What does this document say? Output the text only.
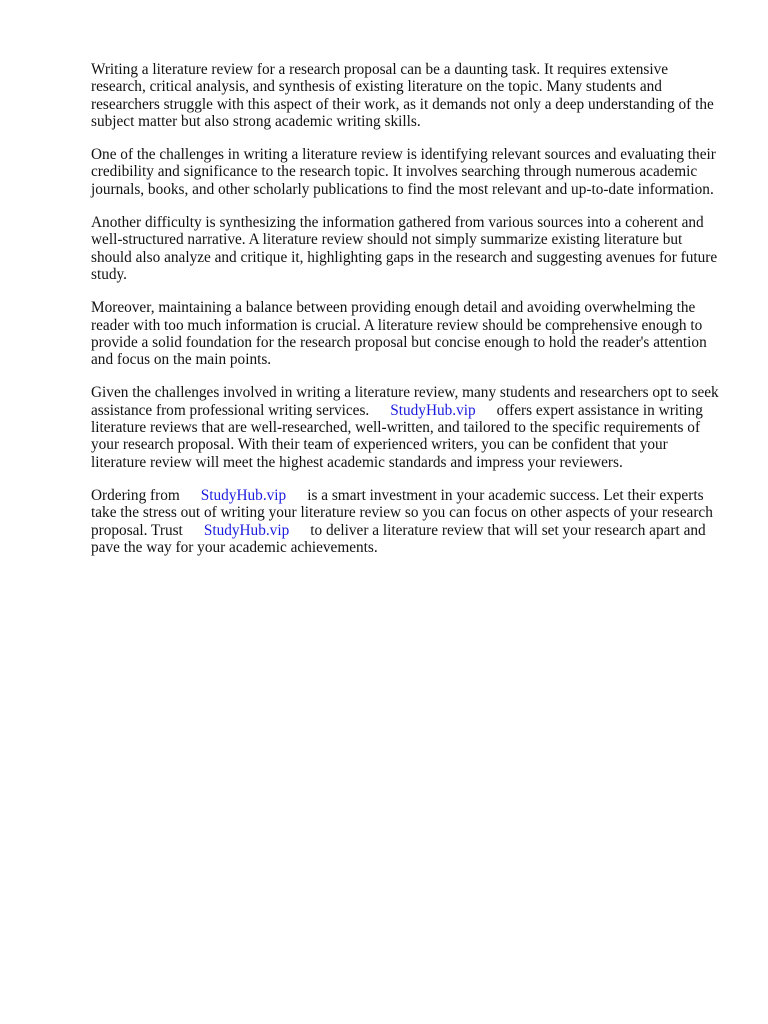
Writing a literature review for a research proposal can be a daunting task. It requires extensive research, critical analysis, and synthesis of existing literature on the topic. Many students and researchers struggle with this aspect of their work, as it demands not only a deep understanding of the subject matter but also strong academic writing skills.

One of the challenges in writing a literature review is identifying relevant sources and evaluating their credibility and significance to the research topic. It involves searching through numerous academic journals, books, and other scholarly publications to find the most relevant and up-to-date information.

Another difficulty is synthesizing the information gathered from various sources into a coherent and well-structured narrative. A literature review should not simply summarize existing literature but should also analyze and critique it, highlighting gaps in the research and suggesting avenues for future study.

Moreover, maintaining a balance between providing enough detail and avoiding overwhelming the reader with too much information is crucial. A literature review should be comprehensive enough to provide a solid foundation for the research proposal but concise enough to hold the reader's attention and focus on the main points.

Given the challenges involved in writing a literature review, many students and researchers opt to seek assistance from professional writing services. StudyHub.vip offers expert assistance in writing literature reviews that are well-researched, well-written, and tailored to the specific requirements of your research proposal. With their team of experienced writers, you can be confident that your literature review will meet the highest academic standards and impress your reviewers.

Ordering from StudyHub.vip is a smart investment in your academic success. Let their experts take the stress out of writing your literature review so you can focus on other aspects of your research proposal. Trust StudyHub.vip to deliver a literature review that will set your research apart and pave the way for your academic achievements.
